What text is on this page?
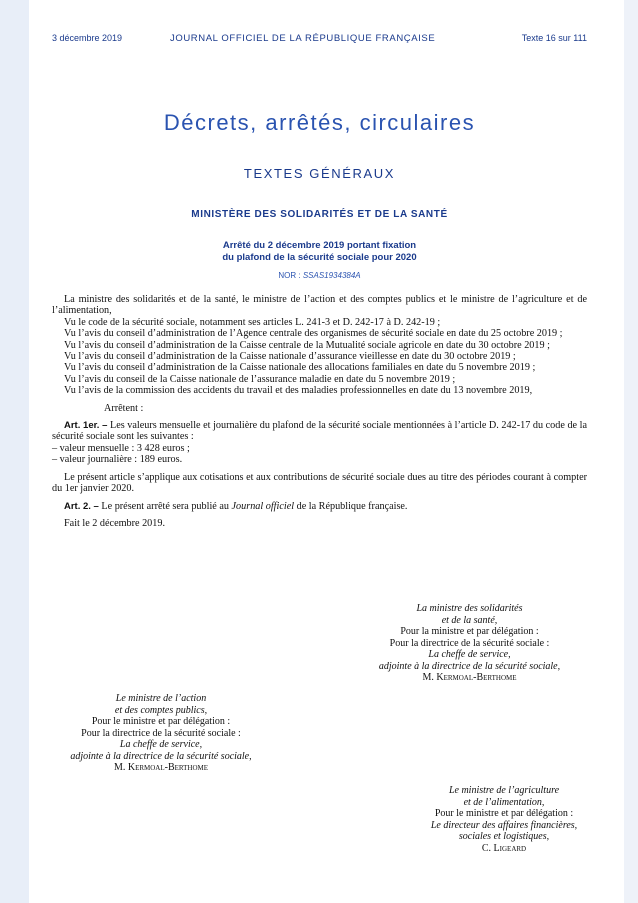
3 décembre 2019	JOURNAL OFFICIEL DE LA RÉPUBLIQUE FRANÇAISE	Texte 16 sur 111
Décrets, arrêtés, circulaires
TEXTES GÉNÉRAUX
MINISTÈRE DES SOLIDARITÉS ET DE LA SANTÉ
Arrêté du 2 décembre 2019 portant fixation
du plafond de la sécurité sociale pour 2020
NOR : SSAS1934384A

La ministre des solidarités et de la santé, le ministre de l’action et des comptes publics et le ministre de l’agriculture et de l’alimentation,

Vu le code de la sécurité sociale, notamment ses articles L. 241-3 et D. 242-17 à D. 242-19 ;

Vu l’avis du conseil d’administration de l’Agence centrale des organismes de sécurité sociale en date du 25 octobre 2019 ;

Vu l’avis du conseil d’administration de la Caisse centrale de la Mutualité sociale agricole en date du 30 octobre 2019 ;

Vu l’avis du conseil d’administration de la Caisse nationale d’assurance vieillesse en date du 30 octobre 2019 ;

Vu l’avis du conseil d’administration de la Caisse nationale des allocations familiales en date du 5 novembre 2019 ;

Vu l’avis du conseil de la Caisse nationale de l’assurance maladie en date du 5 novembre 2019 ;

Vu l’avis de la commission des accidents du travail et des maladies professionnelles en date du 13 novembre 2019,

Arrêtent :

Art. 1er. – Les valeurs mensuelle et journalière du plafond de la sécurité sociale mentionnées à l’article D. 242-17 du code de la sécurité sociale sont les suivantes :

– valeur mensuelle : 3 428 euros ;

– valeur journalière : 189 euros.

Le présent article s’applique aux cotisations et aux contributions de sécurité sociale dues au titre des périodes courant à compter du 1er janvier 2020.

Art. 2. – Le présent arrêté sera publié au Journal officiel de la République française.

Fait le 2 décembre 2019.

La ministre des solidarités
et de la santé,
Pour la ministre et par délégation :
Pour la directrice de la sécurité sociale :
La cheffe de service,
adjointe à la directrice de la sécurité sociale,
M. Kermoal-Berthome
Le ministre de l’action
et des comptes publics,
Pour le ministre et par délégation :
Pour la directrice de la sécurité sociale :
La cheffe de service,
adjointe à la directrice de la sécurité sociale,
M. Kermoal-Berthome
Le ministre de l’agriculture
et de l’alimentation,
Pour le ministre et par délégation :
Le directeur des affaires financières,
sociales et logistiques,
C. Ligeard
